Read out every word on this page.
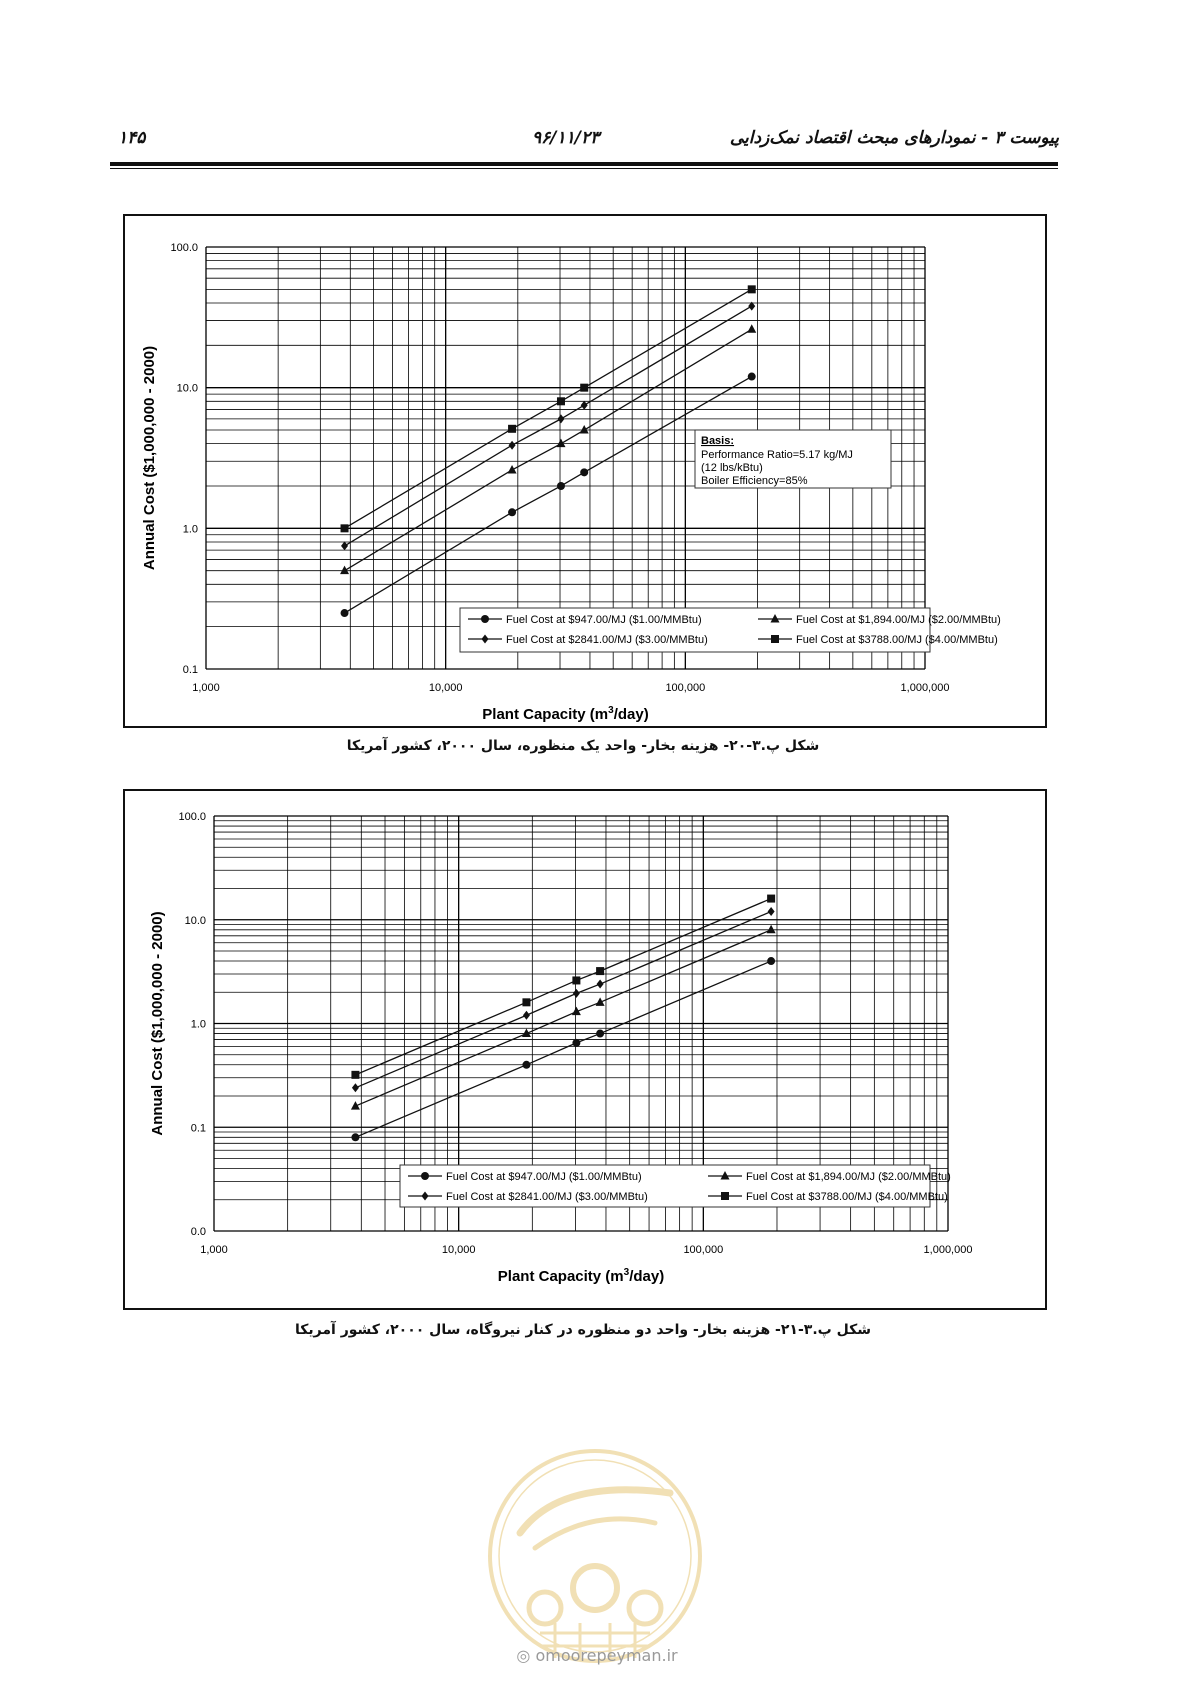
۱۴۵	۹۶/۱۱/۲۳	پیوست ۳ - نمودارهای مبحث اقتصاد نمک‌زدایی
1,000	10,000	100,000	1,000,000
0.1
1.0
10.0
100.0
Plant Capacity $(m^3/day)$
Annual Cost ($1,000,000 - 2000)	Basis:
Performance Ratio=5.17 kg/MJ
(12 lbs/kBtu)
Boiler Efficiency=85%
Fuel Cost at $947.00/MJ ($1.00/MMBtu)	Fuel Cost at $1,894.00/MJ ($2.00/MMBtu)
Fuel Cost at $2841.00/MJ ($3.00/MMBtu)	Fuel Cost at $3788.00/MJ ($4.00/MMBtu)
شکل پ.۳-۲۰- هزینه بخار- واحد یک منظوره، سال ۲۰۰۰، کشور آمریکا
1,000	10,000	100,000	1,000,000
0.0
0.1
1.0
10.0
100.0
Plant Capacity $(m^3/day)$
Annual Cost ($1,000,000 - 2000)
Fuel Cost at $947.00/MJ ($1.00/MMBtu)	Fuel Cost at $1,894.00/MJ ($2.00/MMBtu)
Fuel Cost at $2841.00/MJ ($3.00/MMBtu)	Fuel Cost at $3788.00/MJ ($4.00/MMBtu)
شکل پ.۳-۲۱- هزینه بخار- واحد دو منظوره در کنار نیروگاه، سال ۲۰۰۰، کشور آمریکا
◎ omoorepeyman.ir
